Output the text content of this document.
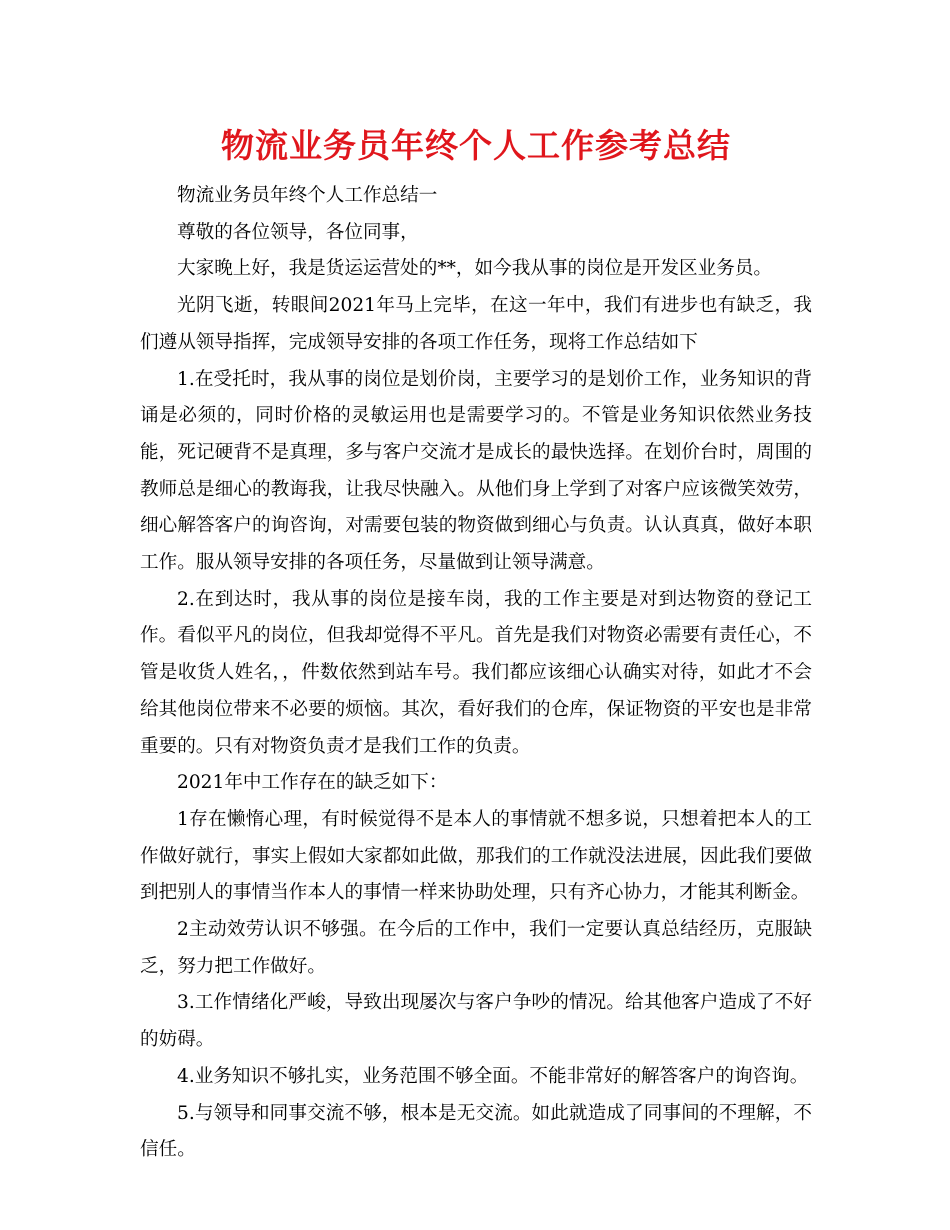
物流业务员年终个人工作参考总结

物流业务员年终个人工作总结一

尊敬的各位领导，各位同事，

大家晚上好，我是货运运营处的**，如今我从事的岗位是开发区业务员。

光阴飞逝，转眼间2021年马上完毕，在这一年中，我们有进步也有缺乏，我们遵从领导指挥，完成领导安排的各项工作任务，现将工作总结如下

1.在受托时，我从事的岗位是划价岗，主要学习的是划价工作，业务知识的背诵是必须的，同时价格的灵敏运用也是需要学习的。不管是业务知识依然业务技能，死记硬背不是真理，多与客户交流才是成长的最快选择。在划价台时，周围的教师总是细心的教诲我，让我尽快融入。从他们身上学到了对客户应该微笑效劳，细心解答客户的询咨询，对需要包装的物资做到细心与负责。认认真真，做好本职工作。服从领导安排的各项任务，尽量做到让领导满意。

2.在到达时，我从事的岗位是接车岗，我的工作主要是对到达物资的登记工作。看似平凡的岗位，但我却觉得不平凡。首先是我们对物资必需要有责任心，不管是收货人姓名，，件数依然到站车号。我们都应该细心认确实对待，如此才不会给其他岗位带来不必要的烦恼。其次，看好我们的仓库，保证物资的平安也是非常重要的。只有对物资负责才是我们工作的负责。

2021年中工作存在的缺乏如下：

1存在懒惰心理，有时候觉得不是本人的事情就不想多说，只想着把本人的工作做好就行，事实上假如大家都如此做，那我们的工作就没法进展，因此我们要做到把别人的事情当作本人的事情一样来协助处理，只有齐心协力，才能其利断金。

2主动效劳认识不够强。在今后的工作中，我们一定要认真总结经历，克服缺乏，努力把工作做好。

3.工作情绪化严峻，导致出现屡次与客户争吵的情况。给其他客户造成了不好的妨碍。

4.业务知识不够扎实，业务范围不够全面。不能非常好的解答客户的询咨询。

5.与领导和同事交流不够，根本是无交流。如此就造成了同事间的不理解，不信任。
